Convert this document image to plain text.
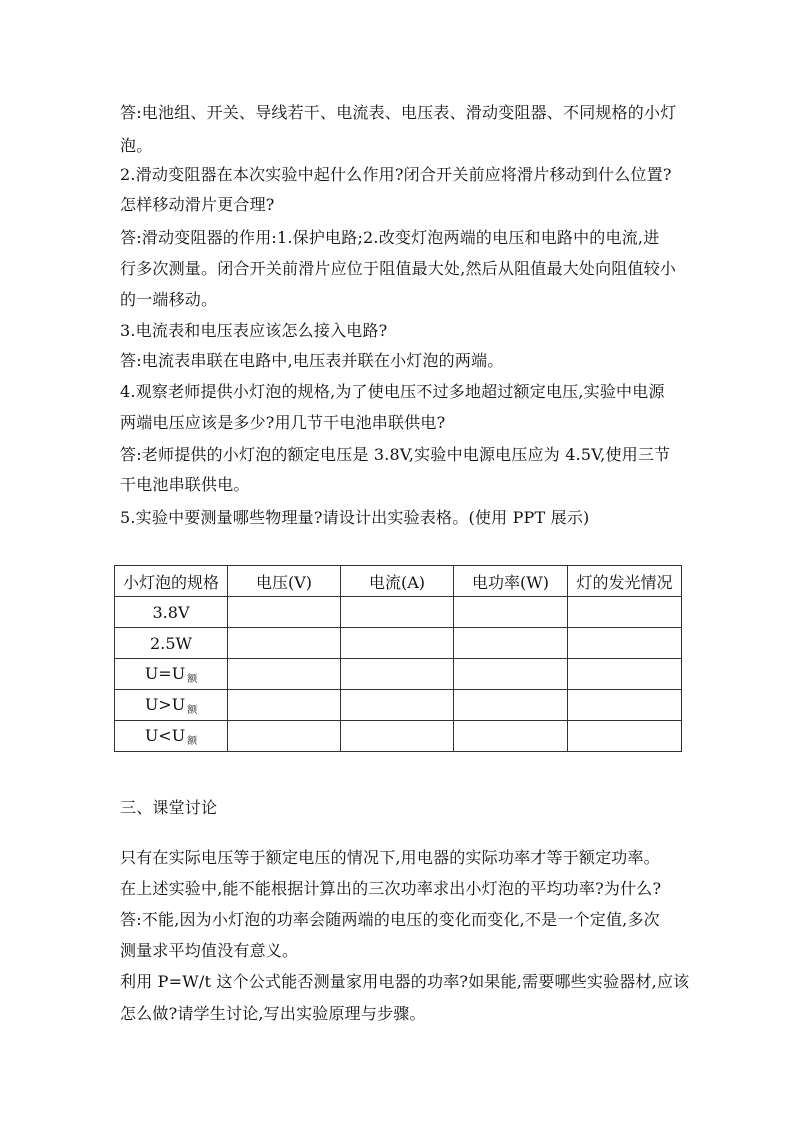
答:电池组、开关、导线若干、电流表、电压表、滑动变阻器、不同规格的小灯
泡。
2.滑动变阻器在本次实验中起什么作用?闭合开关前应将滑片移动到什么位置?
怎样移动滑片更合理?
答:滑动变阻器的作用:1.保护电路;2.改变灯泡两端的电压和电路中的电流,进
行多次测量。闭合开关前滑片应位于阻值最大处,然后从阻值最大处向阻值较小
的一端移动。
3.电流表和电压表应该怎么接入电路?
答:电流表串联在电路中,电压表并联在小灯泡的两端。
4.观察老师提供小灯泡的规格,为了使电压不过多地超过额定电压,实验中电源
两端电压应该是多少?用几节干电池串联供电?
答:老师提供的小灯泡的额定电压是 3.8V,实验中电源电压应为 4.5V,使用三节
干电池串联供电。
5.实验中要测量哪些物理量?请设计出实验表格。(使用 PPT 展示)
小灯泡的规格	电压(V)	电流(A)	电功率(W)	灯的发光情况
3.8V				
2.5W				
U=U $_额$				
U>U $_额$				
U<U $_额$				
三、课堂讨论
只有在实际电压等于额定电压的情况下,用电器的实际功率才等于额定功率。
在上述实验中,能不能根据计算出的三次功率求出小灯泡的平均功率?为什么?
答:不能,因为小灯泡的功率会随两端的电压的变化而变化,不是一个定值,多次
测量求平均值没有意义。
利用 P=W/t 这个公式能否测量家用电器的功率?如果能,需要哪些实验器材,应该
怎么做?请学生讨论,写出实验原理与步骤。
